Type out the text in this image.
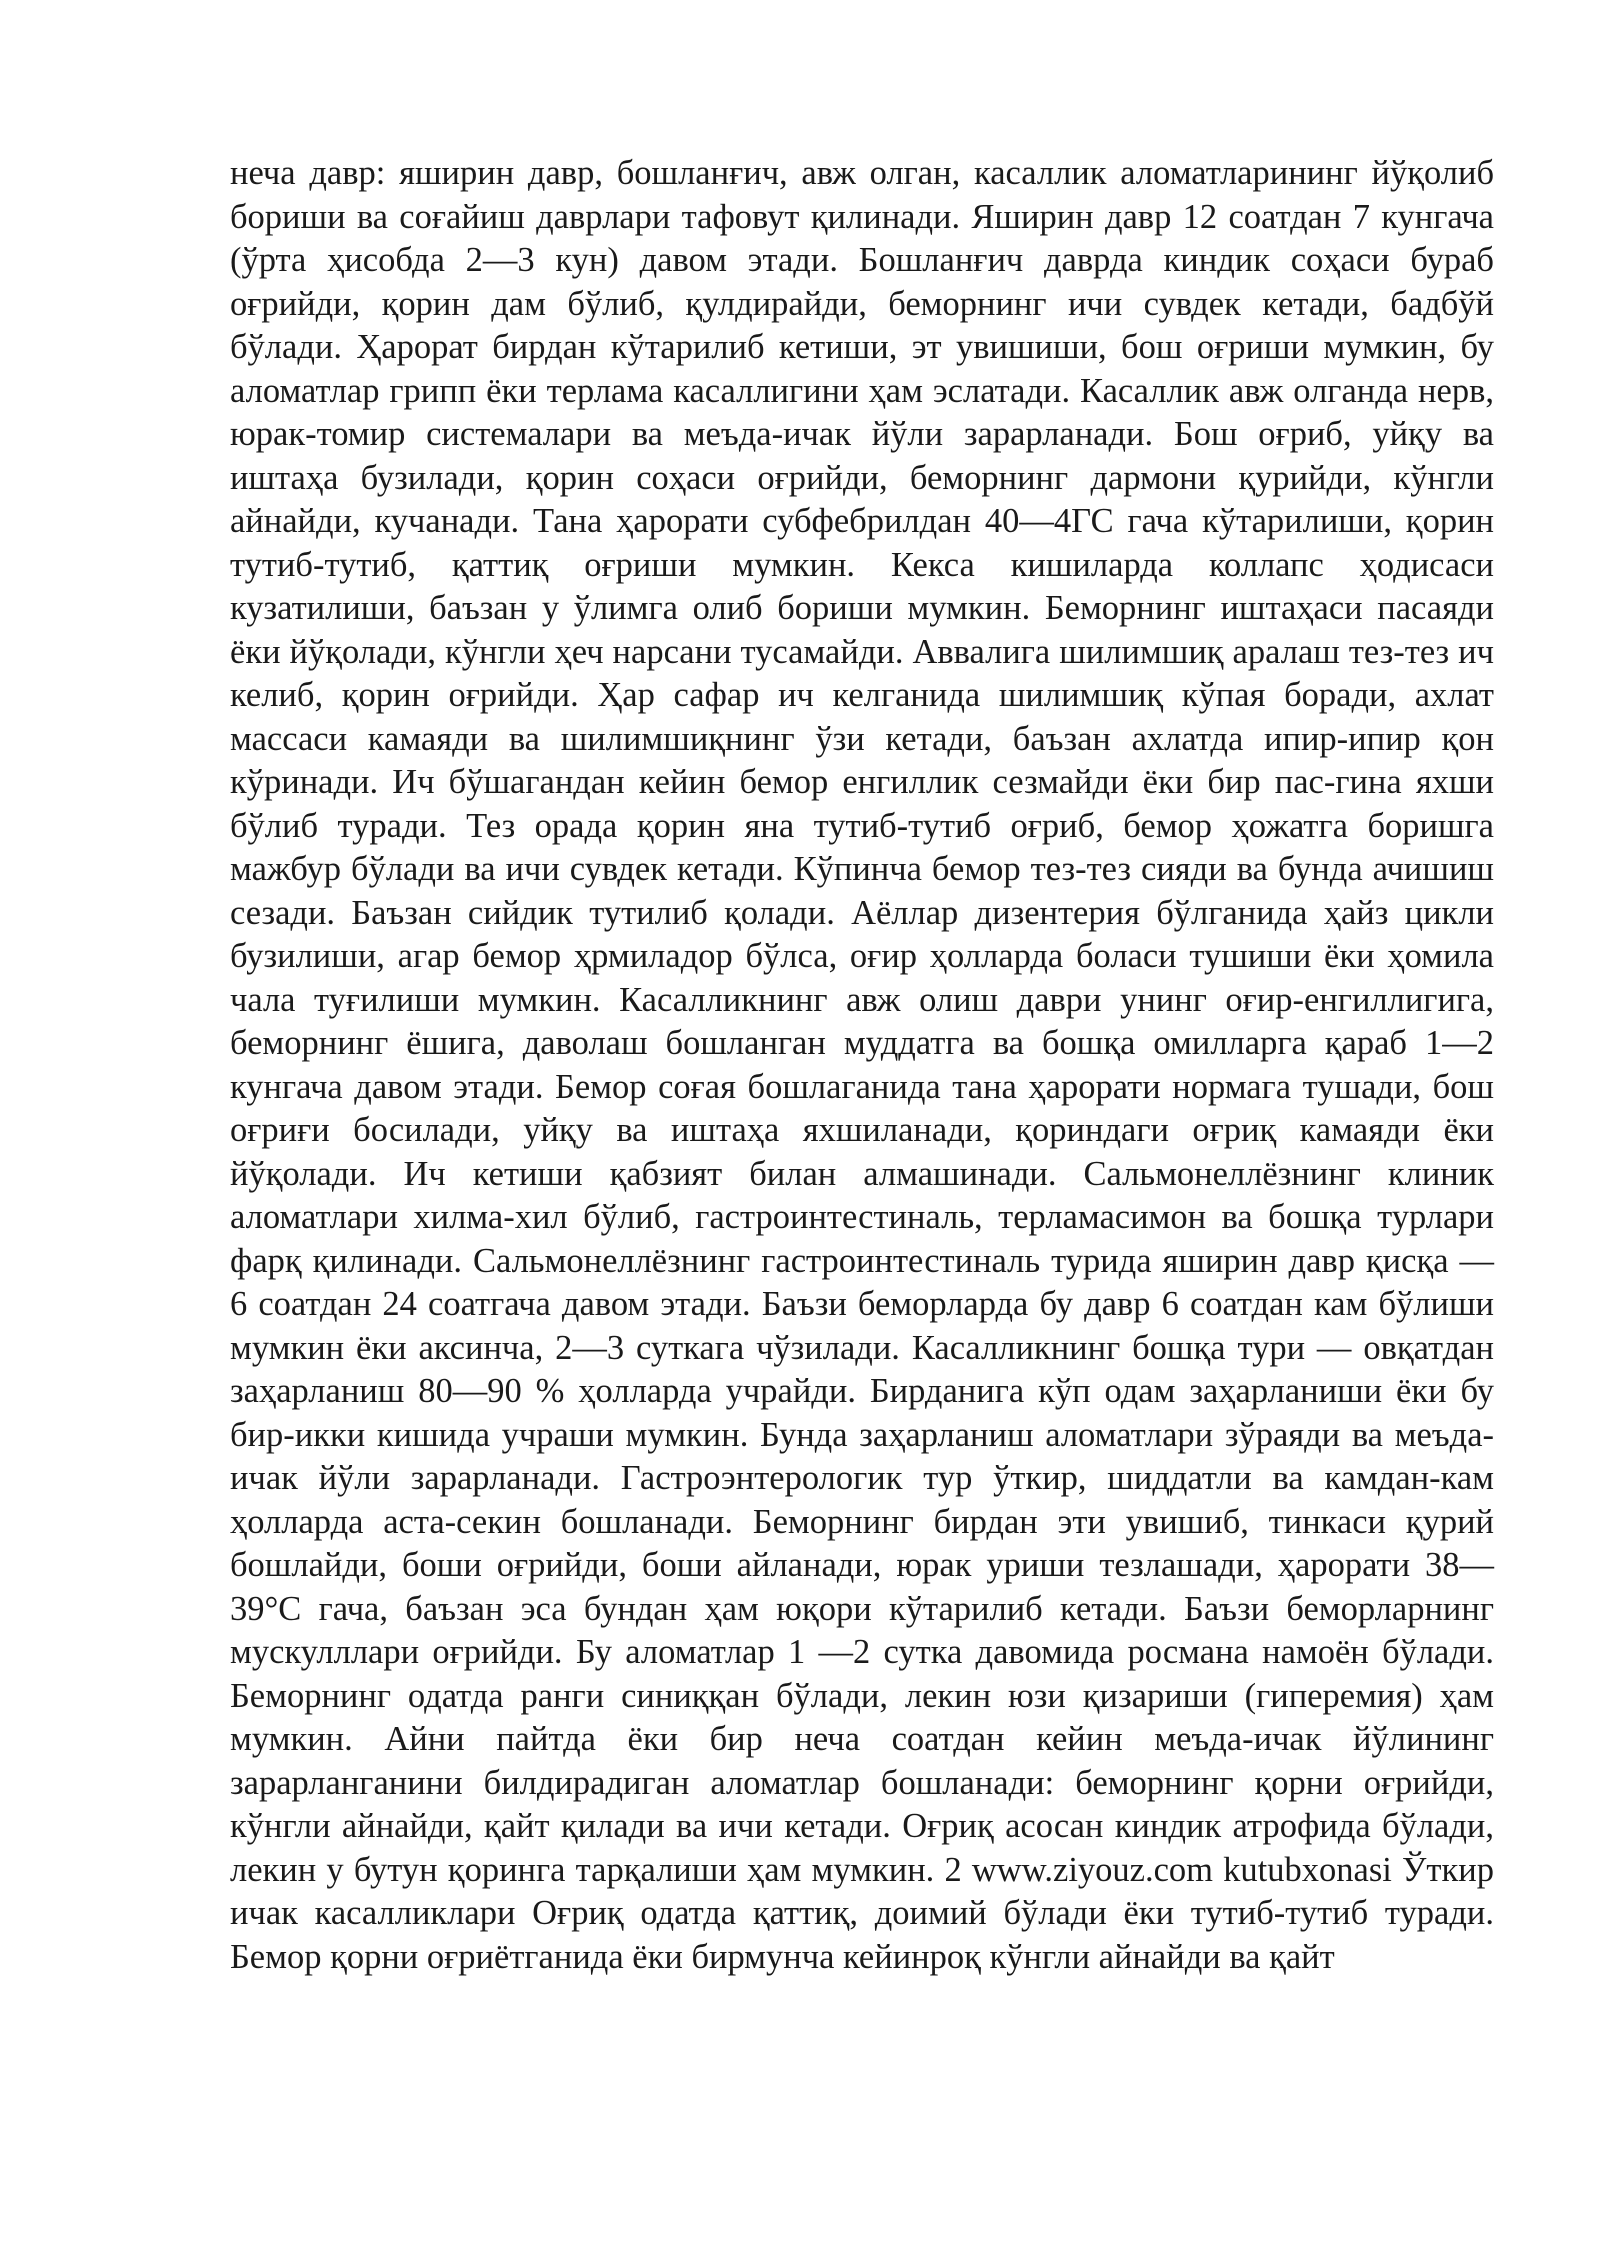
неча давр: яширин давр, бошланғич, авж олган, касаллик аломатларининг йўқолиб бориши ва соғайиш даврлари тафовут қилинади. Яширин давр 12 соатдан 7 кунгача (ўрта ҳисобда 2—3 кун) давом этади. Бошланғич даврда киндик соҳаси бураб оғрийди, қорин дам бўлиб, қулдирайди, беморнинг ичи сувдек кетади, бадбўй бўлади. Ҳарорат бирдан кўтарилиб кетиши, эт увишиши, бош оғриши мумкин, бу аломатлар грипп ёки терлама касаллигини ҳам эслатади. Касаллик авж олганда нерв, юрак-томир системалари ва меъда-ичак йўли зарарланади. Бош оғриб, уйқу ва иштаҳа бузилади, қорин соҳаси оғрийди, беморнинг дармони қурийди, кўнгли айнайди, кучанади. Тана ҳарорати субфебрилдан 40—4ГС гача кўтарилиши, қорин тутиб-тутиб, қаттиқ оғриши мумкин. Кекса кишиларда коллапс ҳодисаси кузатилиши, баъзан у ўлимга олиб бориши мумкин. Беморнинг иштаҳаси пасаяди ёки йўқолади, кўнгли ҳеч нарсани тусамайди. Аввалига шилимшиқ аралаш тез-тез ич келиб, қорин оғрийди. Ҳар сафар ич келганида шилимшиқ кўпая боради, ахлат массаси камаяди ва шилимшиқнинг ўзи кетади, баъзан ахлатда ипир-ипир қон кўринади. Ич бўшагандан кейин бемор енгиллик сезмайди ёки бир пас-гина яхши бўлиб туради. Тез орада қорин яна тутиб-тутиб оғриб, бемор ҳожатга боришга мажбур бўлади ва ичи сувдек кетади. Кўпинча бемор тез-тез сияди ва бунда ачишиш сезади. Баъзан сийдик тутилиб қолади. Аёллар дизентерия бўлганида ҳайз цикли бузилиши, агар бемор ҳрмиладор бўлса, оғир ҳолларда боласи тушиши ёки ҳомила чала туғилиши мумкин. Касалликнинг авж олиш даври унинг оғир-енгиллигига, беморнинг ёшига, даволаш бошланган муддатга ва бошқа омилларга қараб 1—2 кунгача давом этади. Бемор соғая бошлаганида тана ҳарорати нормага тушади, бош оғриғи босилади, уйқу ва иштаҳа яхшиланади, қориндаги оғриқ камаяди ёки йўқолади. Ич кетиши қабзият билан алмашинади. Сальмонеллёзнинг клиник аломатлари хилма-хил бўлиб, гастроинтестиналь, терламасимон ва бошқа турлари фарқ қилинади. Сальмонеллёзнинг гастроинтестиналь турида яширин давр қисқа — 6 соатдан 24 соатгача давом этади. Баъзи беморларда бу давр 6 соатдан кам бўлиши мумкин ёки аксинча, 2—3 суткага чўзилади. Касалликнинг бошқа тури — овқатдан заҳарланиш 80—90 % ҳолларда учрайди. Бирданига кўп одам заҳарланиши ёки бу бир-икки кишида учраши мумкин. Бунда заҳарланиш аломатлари зўраяди ва меъда-ичак йўли зарарланади. Гастроэнтерологик тур ўткир, шиддатли ва камдан-кам ҳолларда аста-секин бошланади. Беморнинг бирдан эти увишиб, тинкаси қурий бошлайди, боши оғрийди, боши айланади, юрак уриши тезлашади, ҳарорати 38— 39°С гача, баъзан эса бундан ҳам юқори кўтарилиб кетади. Баъзи беморларнинг мускулллари оғрийди. Бу аломатлар 1 —2 сутка давомида росмана намоён бўлади. Беморнинг одатда ранги синиққан бўлади, лекин юзи қизариши (гиперемия) ҳам мумкин. Айни пайтда ёки бир неча соатдан кейин меъда-ичак йўлининг зарарланганини билдирадиган аломатлар бошланади: беморнинг қорни оғрийди, кўнгли айнайди, қайт қилади ва ичи кетади. Оғриқ асосан киндик атрофида бўлади, лекин у бутун қоринга тарқалиши ҳам мумкин. 2 www.ziyouz.com kutubxonasi Ўткир ичак касалликлари Оғриқ одатда қаттиқ, доимий бўлади ёки тутиб-тутиб туради. Бемор қорни оғриётганида ёки бирмунча кейинроқ кўнгли айнайди ва қайт
